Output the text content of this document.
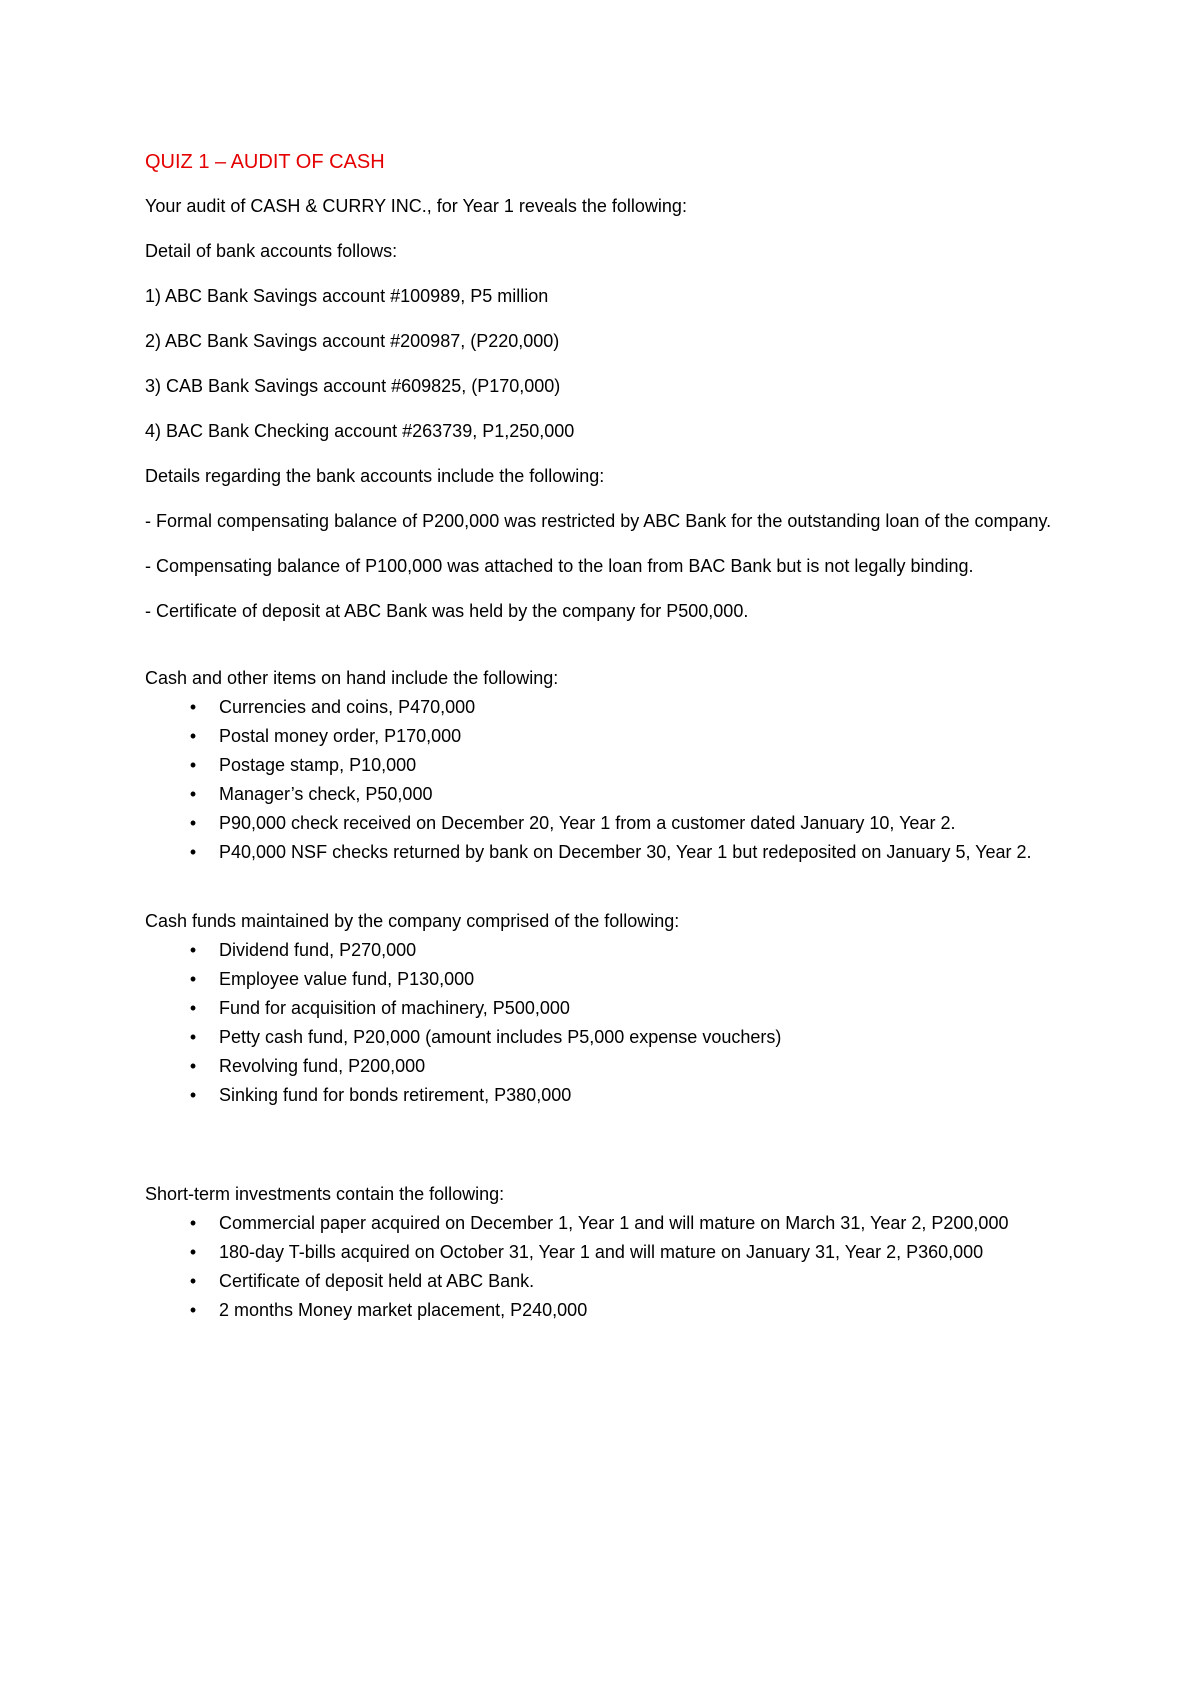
QUIZ 1 – AUDIT OF CASH

Your audit of CASH & CURRY INC., for Year 1 reveals the following:

Detail of bank accounts follows:

1) ABC Bank Savings account #100989, P5 million

2) ABC Bank Savings account #200987, (P220,000)

3) CAB Bank Savings account #609825, (P170,000)

4) BAC Bank Checking account #263739, P1,250,000

Details regarding the bank accounts include the following:

- Formal compensating balance of P200,000 was restricted by ABC Bank for the outstanding loan of the company.

- Compensating balance of P100,000 was attached to the loan from BAC Bank but is not legally binding.

- Certificate of deposit at ABC Bank was held by the company for P500,000.

Cash and other items on hand include the following:
• Currencies and coins, P470,000
• Postal money order, P170,000
• Postage stamp, P10,000
• Manager’s check, P50,000
• P90,000 check received on December 20, Year 1 from a customer dated January 10, Year 2.
• P40,000 NSF checks returned by bank on December 30, Year 1 but redeposited on January 5, Year 2.
Cash funds maintained by the company comprised of the following:
• Dividend fund, P270,000
• Employee value fund, P130,000
• Fund for acquisition of machinery, P500,000
• Petty cash fund, P20,000 (amount includes P5,000 expense vouchers)
• Revolving fund, P200,000
• Sinking fund for bonds retirement, P380,000
Short-term investments contain the following:
• Commercial paper acquired on December 1, Year 1 and will mature on March 31, Year 2, P200,000
• 180-day T-bills acquired on October 31, Year 1 and will mature on January 31, Year 2, P360,000
• Certificate of deposit held at ABC Bank.
• 2 months Money market placement, P240,000
